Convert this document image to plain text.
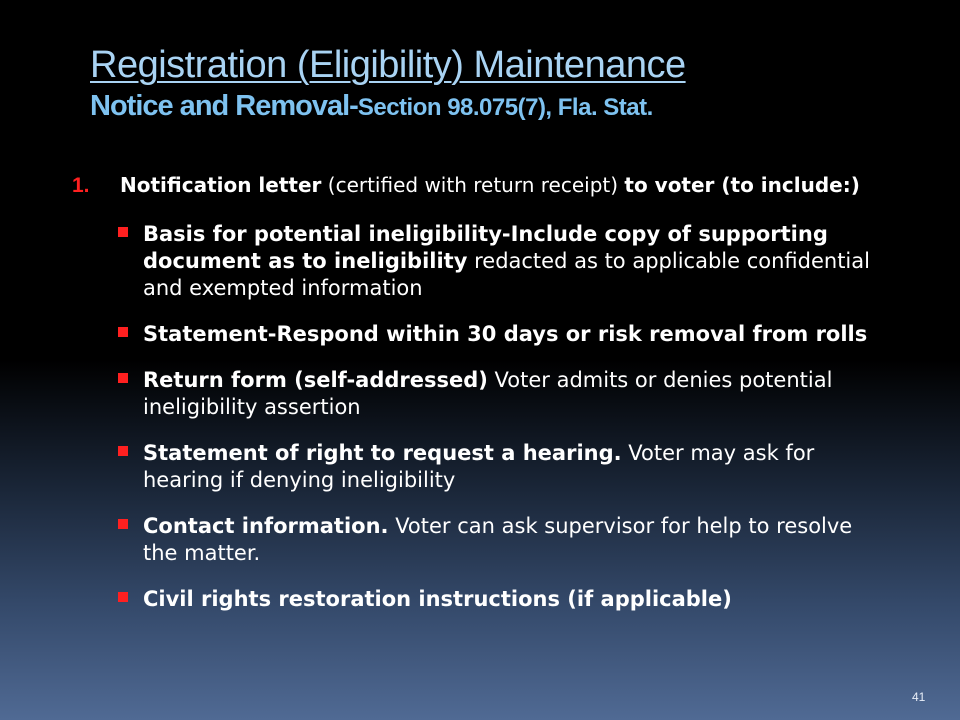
Registration (Eligibility) Maintenance
Notice and Removal-Section 98.075(7), Fla. Stat.
1. Notification letter (certified with return receipt) to voter (to include:)
Basis for potential ineligibility-Include copy of supporting document as to ineligibility redacted as to applicable confidential and exempted information
Statement-Respond within 30 days or risk removal from rolls
Return form (self-addressed) Voter admits or denies potential ineligibility assertion
Statement of right to request a hearing. Voter may ask for hearing if denying ineligibility
Contact information. Voter can ask supervisor for help to resolve the matter.
Civil rights restoration instructions (if applicable)
41
